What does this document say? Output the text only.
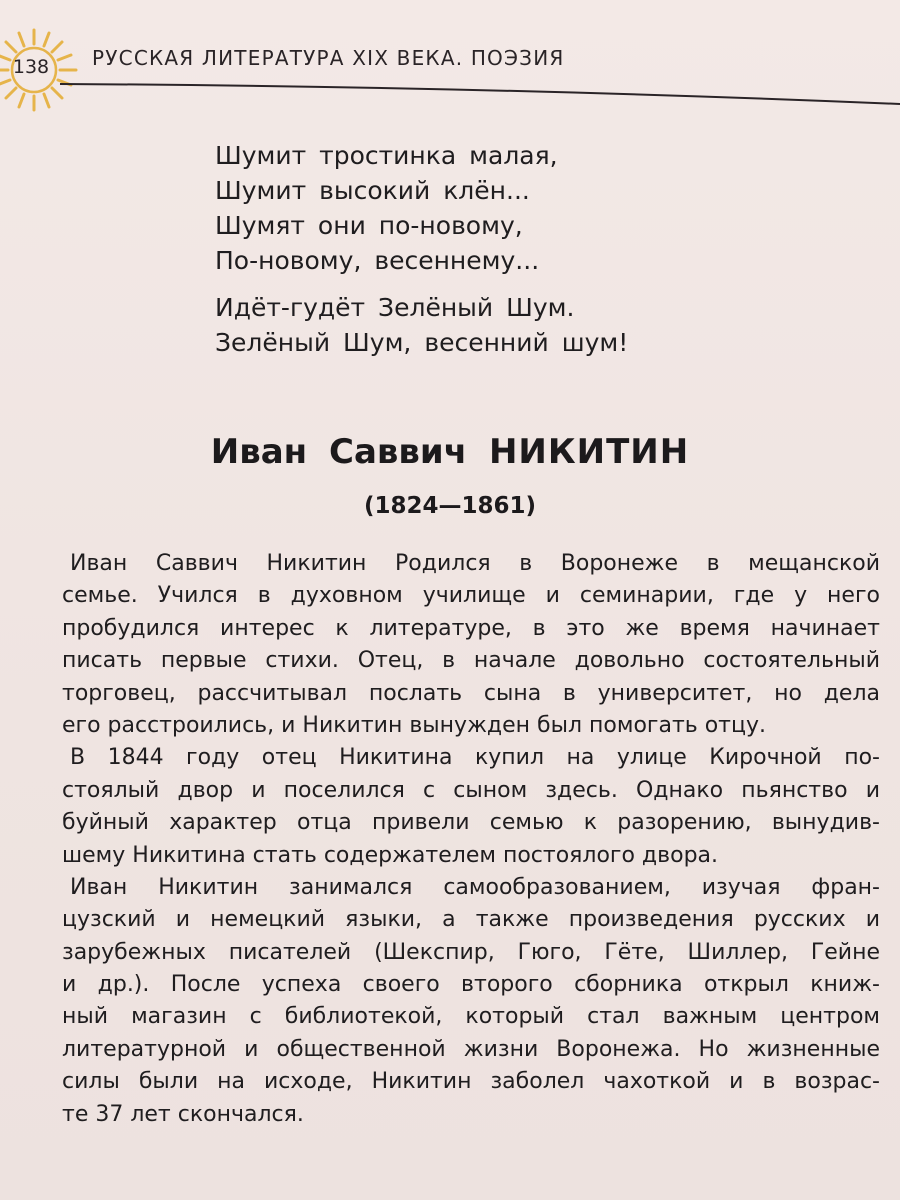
138	РУССКАЯ ЛИТЕРАТУРА XIX ВЕКА. ПОЭЗИЯ
Шумит тростинка малая,
Шумит высокий клён...
Шумят они по-новому,
По-новому, весеннему...
Идёт-гудёт Зелёный Шум.
Зелёный Шум, весенний шум!
Иван Саввич НИКИТИН
(1824—1861)
Иван Саввич Никитин Родился в Воронеже в мещанской
семье. Учился в духовном училище и семинарии, где у него
пробудился интерес к литературе, в это же время начинает
писать первые стихи. Отец, в начале довольно состоятельный
торговец, рассчитывал послать сына в университет, но дела
его расстроились, и Никитин вынужден был помогать отцу.
В 1844 году отец Никитина купил на улице Кирочной по-
стоялый двор и поселился с сыном здесь. Однако пьянство и
буйный характер отца привели семью к разорению, вынудив-
шему Никитина стать содержателем постоялого двора.
Иван Никитин занимался самообразованием, изучая фран-
цузский и немецкий языки, а также произведения русских и
зарубежных писателей (Шекспир, Гюго, Гёте, Шиллер, Гейне
и др.). После успеха своего второго сборника открыл книж-
ный магазин с библиотекой, который стал важным центром
литературной и общественной жизни Воронежа. Но жизненные
силы были на исходе, Никитин заболел чахоткой и в возрас-
те 37 лет скончался.
